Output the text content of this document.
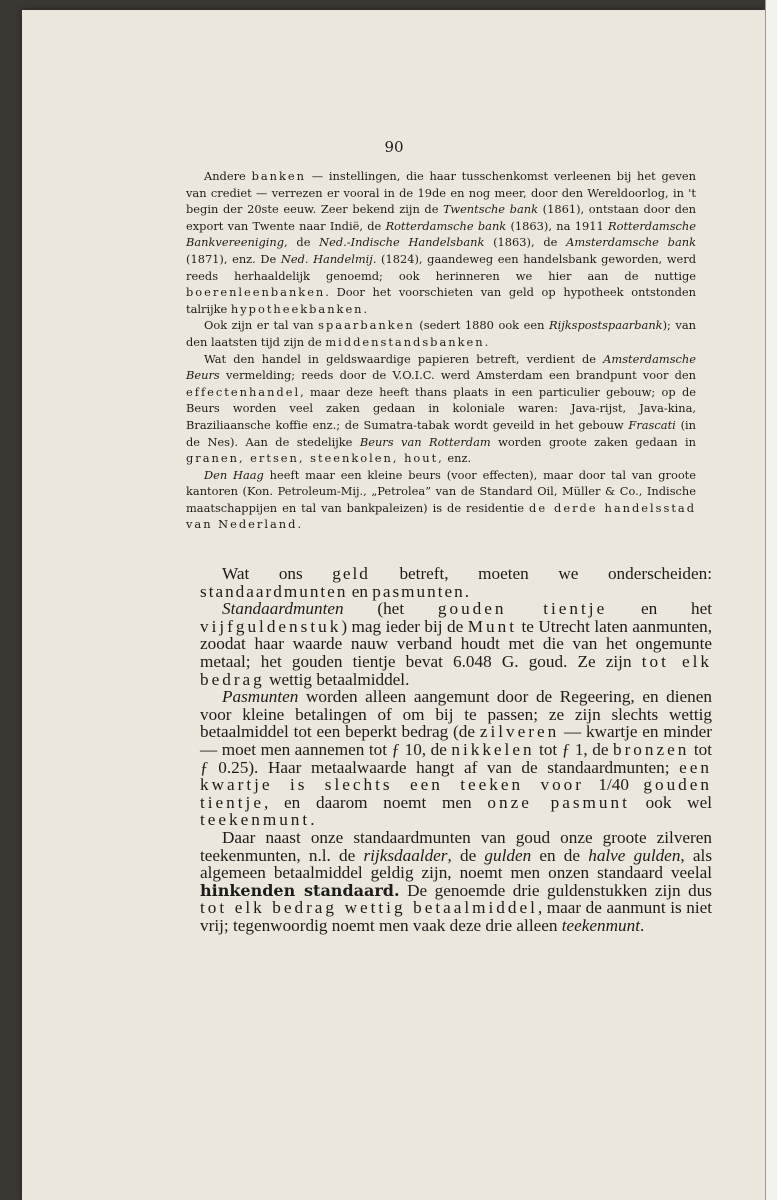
90

Andere banken — instellingen, die haar tusschenkomst verleenen bij het geven van crediet — verrezen er vooral in de 19de en nog meer, door den Wereldoorlog, in 't begin der 20ste eeuw. Zeer bekend zijn de Twentsche bank (1861), ontstaan door den export van Twente naar Indië, de Rotterdamsche bank (1863), na 1911 Rotterdamsche Bankvereeniging, de Ned.-Indische Handelsbank (1863), de Amsterdamsche bank (1871), enz. De Ned. Handelmij. (1824), gaandeweg een handelsbank geworden, werd reeds herhaaldelijk genoemd; ook herinneren we hier aan de nuttige boerenleenbanken. Door het voorschieten van geld op hypotheek ontstonden talrijke hypotheekbanken.

Ook zijn er tal van spaarbanken (sedert 1880 ook een Rijkspostspaarbank); van den laatsten tijd zijn de middenstandsbanken.

Wat den handel in geldswaardige papieren betreft, verdient de Amsterdamsche Beurs vermelding; reeds door de V.O.I.C. werd Amsterdam een brandpunt voor den effectenhandel, maar deze heeft thans plaats in een particulier gebouw; op de Beurs worden veel zaken gedaan in koloniale waren: Java-rijst, Java-kina, Braziliaansche koffie enz.; de Sumatra-tabak wordt geveild in het gebouw Frascati (in de Nes). Aan de stedelijke Beurs van Rotterdam worden groote zaken gedaan in granen, ertsen, steenkolen, hout, enz.

Den Haag heeft maar een kleine beurs (voor effecten), maar door tal van groote kantoren (Kon. Petroleum-Mij., „Petrolea” van de Standard Oil, Müller & Co., Indische maatschappijen en tal van bankpaleizen) is de residentie de derde handelsstad van Nederland.

Wat ons geld betreft, moeten we onderscheiden: standaardmunten en pasmunten.

Standaardmunten (het gouden tientje en het vijfguldenstuk) mag ieder bij de Munt te Utrecht laten aanmunten, zoodat haar waarde nauw verband houdt met die van het ongemunte metaal; het gouden tientje bevat 6.048 G. goud. Ze zijn tot elk bedrag wettig betaalmiddel.

Pasmunten worden alleen aangemunt door de Regeering, en dienen voor kleine betalingen of om bij te passen; ze zijn slechts wettig betaalmiddel tot een beperkt bedrag (de zilveren — kwartje en minder — moet men aannemen tot ƒ 10, de nikkelen tot ƒ 1, de bronzen tot ƒ 0.25). Haar metaalwaarde hangt af van de standaardmunten; een kwartje is slechts een teeken voor 1/40 gouden tientje, en daarom noemt men onze pasmunt ook wel teekenmunt.

Daar naast onze standaardmunten van goud onze groote zilveren teekenmunten, n.l. de rijksdaalder, de gulden en de halve gulden, als algemeen betaalmiddel geldig zijn, noemt men onzen standaard veelal hinkenden standaard. De genoemde drie guldenstukken zijn dus tot elk bedrag wettig betaalmiddel, maar de aanmunt is niet vrij; tegenwoordig noemt men vaak deze drie alleen teekenmunt.
